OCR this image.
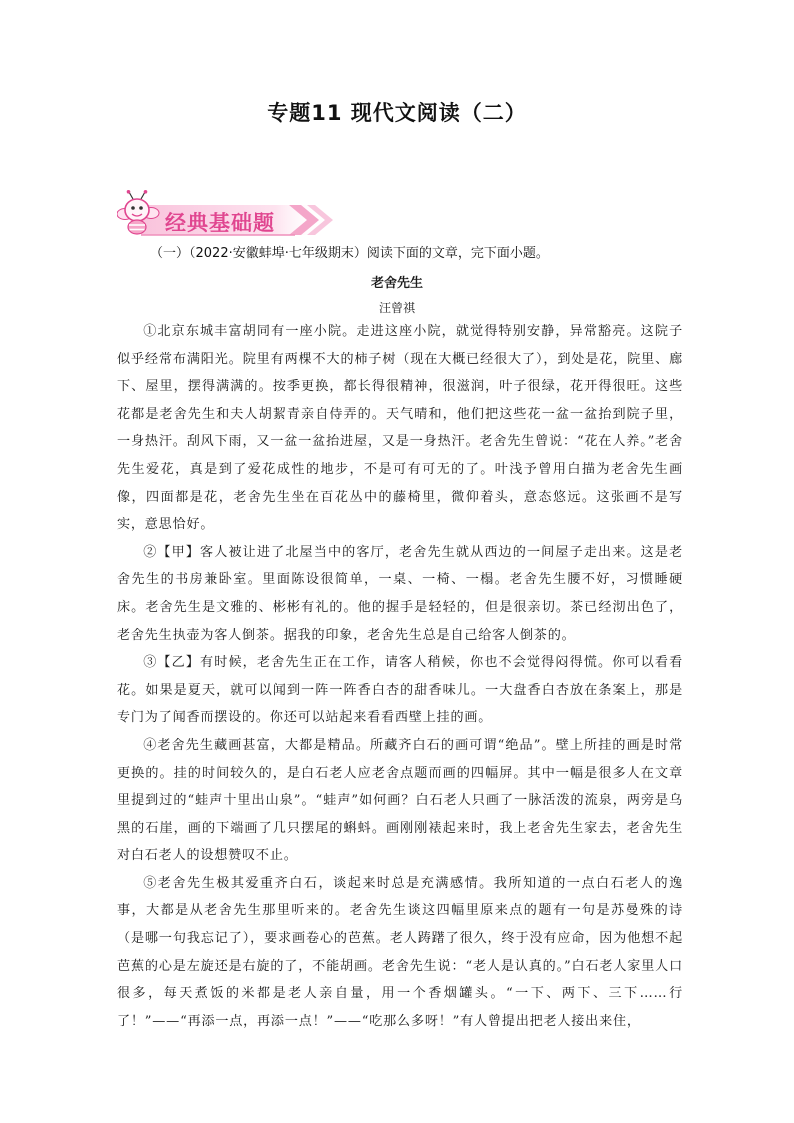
专题11 现代文阅读（二）
经典基础题
（一）（2022·安徽蚌埠·七年级期末）阅读下面的文章，完下面小题。
老舍先生
汪曾祺

①北京东城丰富胡同有一座小院。走进这座小院，就觉得特别安静，异常豁亮。这院子似乎经常布满阳光。院里有两棵不大的柿子树（现在大概已经很大了），到处是花，院里、廊下、屋里，摆得满满的。按季更换，都长得很精神，很滋润，叶子很绿，花开得很旺。这些花都是老舍先生和夫人胡絜青亲自侍弄的。天气晴和，他们把这些花一盆一盆抬到院子里，一身热汗。刮风下雨，又一盆一盆抬进屋，又是一身热汗。老舍先生曾说：“花在人养。”老舍先生爱花，真是到了爱花成性的地步，不是可有可无的了。叶浅予曾用白描为老舍先生画像，四面都是花，老舍先生坐在百花丛中的藤椅里，微仰着头，意态悠远。这张画不是写实，意思恰好。

②【甲】客人被让进了北屋当中的客厅，老舍先生就从西边的一间屋子走出来。这是老舍先生的书房兼卧室。里面陈设很简单，一桌、一椅、一榻。老舍先生腰不好，习惯睡硬床。老舍先生是文雅的、彬彬有礼的。他的握手是轻轻的，但是很亲切。茶已经沏出色了，老舍先生执壶为客人倒茶。据我的印象，老舍先生总是自己给客人倒茶的。

③【乙】有时候，老舍先生正在工作，请客人稍候，你也不会觉得闷得慌。你可以看看花。如果是夏天，就可以闻到一阵一阵香白杏的甜香味儿。一大盘香白杏放在条案上，那是专门为了闻香而摆设的。你还可以站起来看看西壁上挂的画。

④老舍先生藏画甚富，大都是精品。所藏齐白石的画可谓“绝品”。壁上所挂的画是时常更换的。挂的时间较久的，是白石老人应老舍点题而画的四幅屏。其中一幅是很多人在文章里提到过的“蛙声十里出山泉”。“蛙声”如何画？白石老人只画了一脉活泼的流泉，两旁是乌黑的石崖，画的下端画了几只摆尾的蝌蚪。画刚刚裱起来时，我上老舍先生家去，老舍先生对白石老人的设想赞叹不止。

⑤老舍先生极其爱重齐白石，谈起来时总是充满感情。我所知道的一点白石老人的逸事，大都是从老舍先生那里听来的。老舍先生谈这四幅里原来点的题有一句是苏曼殊的诗（是哪一句我忘记了），要求画卷心的芭蕉。老人踌躇了很久，终于没有应命，因为他想不起芭蕉的心是左旋还是右旋的了，不能胡画。老舍先生说：“老人是认真的。”白石老人家里人口很多，每天煮饭的米都是老人亲自量，用一个香烟罐头。“一下、两下、三下……行了！”——“再添一点，再添一点！”——“吃那么多呀！”有人曾提出把老人接出来住，
